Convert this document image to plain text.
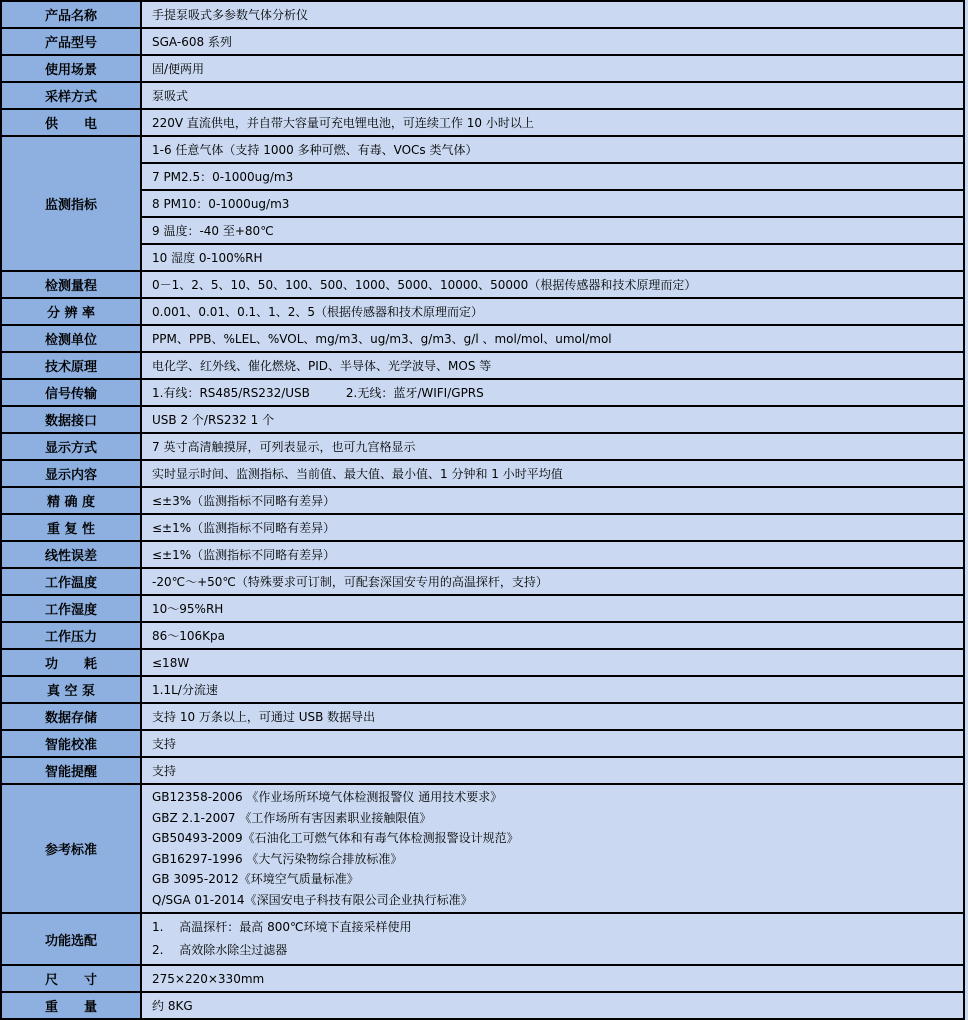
产品名称	手提泵吸式多参数气体分析仪
产品型号	SGA-608 系列
使用场景	固/便两用
采样方式	泵吸式
供　　电	220V 直流供电，并自带大容量可充电锂电池，可连续工作 10 小时以上
监测指标	1-6 任意气体（支持 1000 多种可燃、有毒、VOCs 类气体）
	7 PM2.5：0-1000ug/m3
	8 PM10：0-1000ug/m3
	9 温度：-40 至+80℃
	10 湿度 0-100%RH
检测量程	0－1、2、5、10、50、100、500、1000、5000、10000、50000（根据传感器和技术原理而定）
分 辨 率	0.001、0.01、0.1、1、2、5（根据传感器和技术原理而定）
检测单位	PPM、PPB、%LEL、%VOL、mg/m3、ug/m3、g/m3、g/l 、mol/mol、umol/mol
技术原理	电化学、红外线、催化燃烧、PID、半导体、光学波导、MOS 等
信号传输	1.有线：RS485/RS232/USB　　　2.无线：蓝牙/WIFI/GPRS
数据接口	USB 2 个/RS232 1 个
显示方式	7 英寸高清触摸屏，可列表显示，也可九宫格显示
显示内容	实时显示时间、监测指标、当前值、最大值、最小值、1 分钟和 1 小时平均值
精 确 度	≤±3%（监测指标不同略有差异）
重 复 性	≤±1%（监测指标不同略有差异）
线性误差	≤±1%（监测指标不同略有差异）
工作温度	-20℃～+50℃（特殊要求可订制，可配套深国安专用的高温探杆，支持）
工作湿度	10～95%RH
工作压力	86～106Kpa
功　　耗	≤18W
真 空 泵	1.1L/分流速
数据存储	支持 10 万条以上，可通过 USB 数据导出
智能校准	支持
智能提醒	支持
参考标准	
GB12358-2006 《作业场所环境气体检测报警仪 通用技术要求》
GBZ 2.1-2007 《工作场所有害因素职业接触限值》
GB50493-2009《石油化工可燃气体和有毒气体检测报警设计规范》
GB16297-1996 《大气污染物综合排放标准》
GB 3095-2012《环境空气质量标准》
Q/SGA 01-2014《深国安电子科技有限公司企业执行标准》

功能选配	1.　 高温探杆：最高 800℃环境下直接采样使用
2.　 高效除水除尘过滤器

尺　　寸	275×220×330mm
重　　量	约 8KG
